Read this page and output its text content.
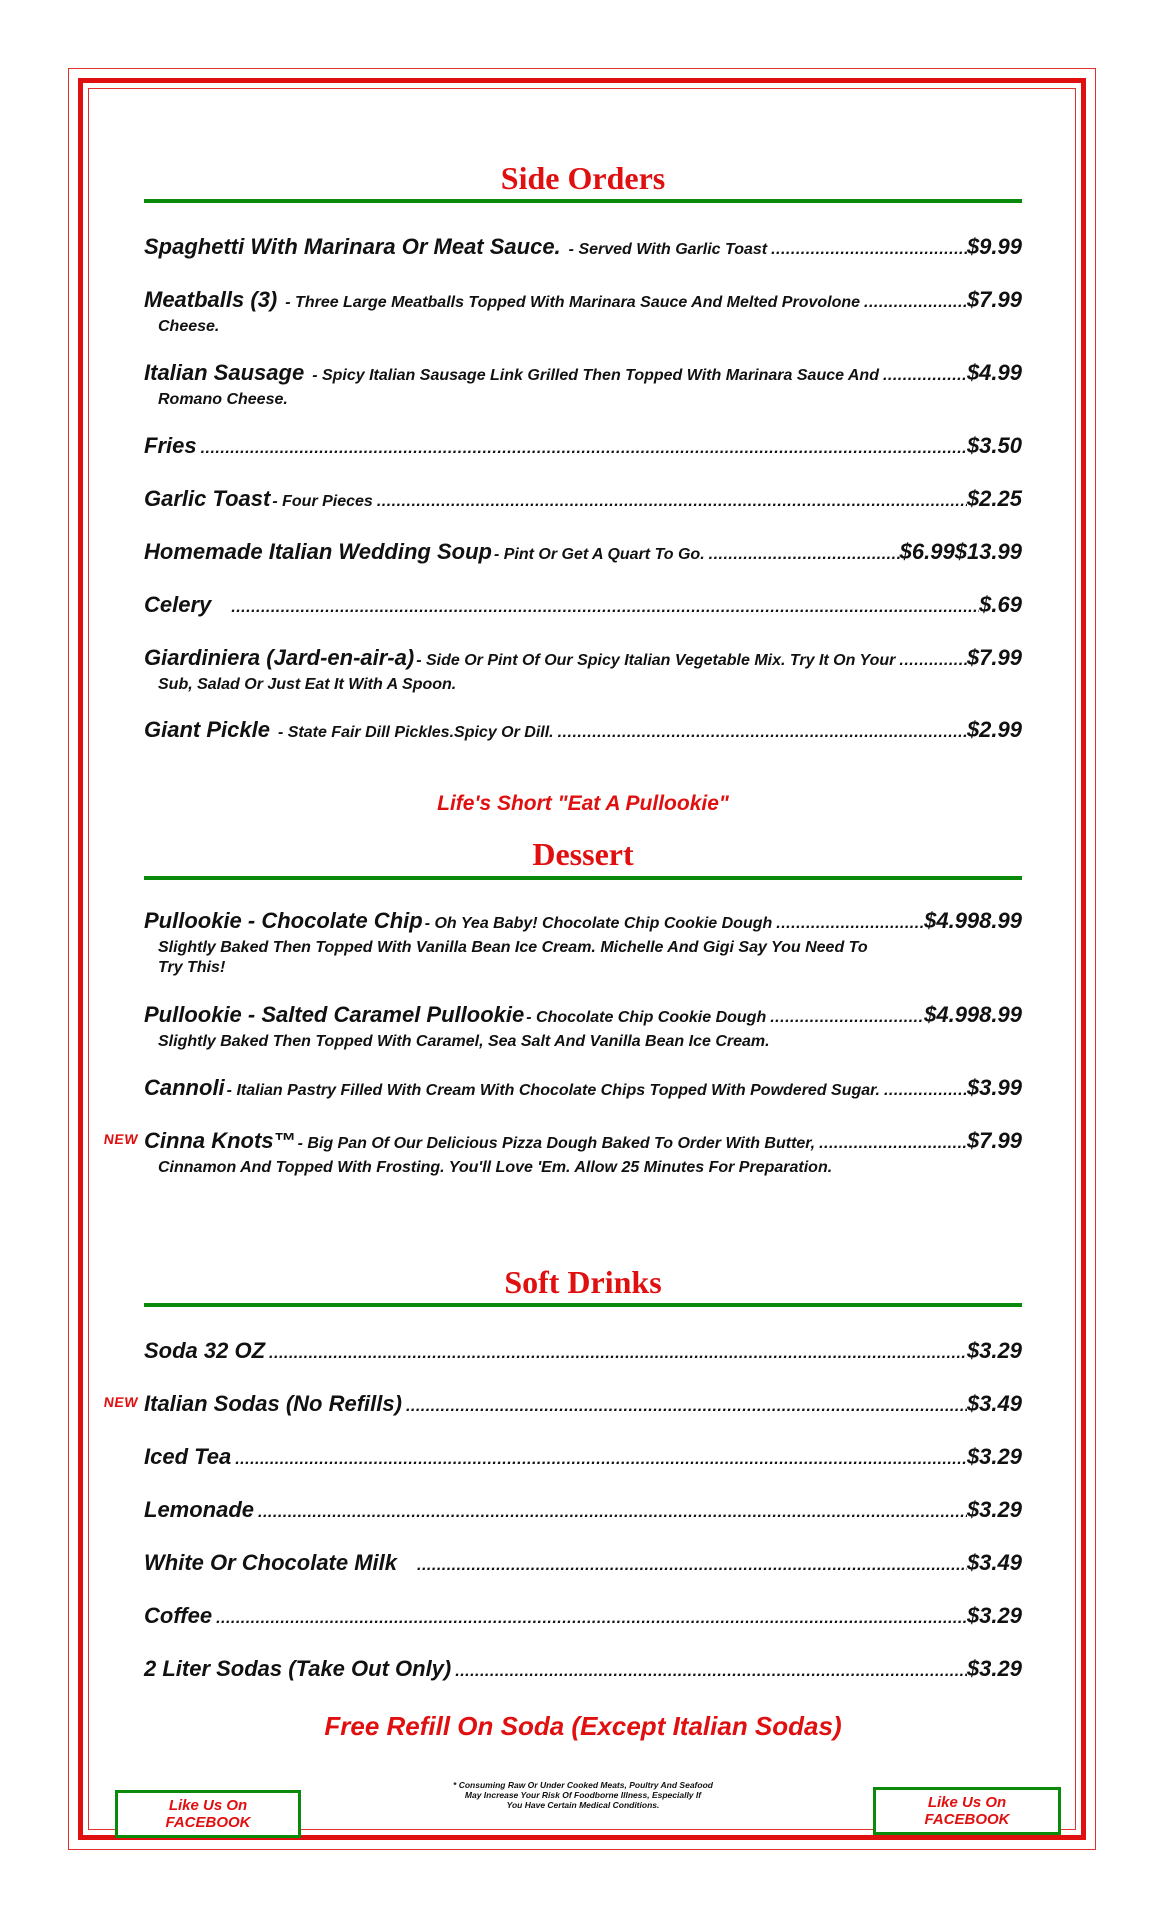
Side Orders
Spaghetti With Marinara Or Meat Sauce. - Served With Garlic Toast .....	$9.99
Meatballs (3) - Three Large Meatballs Topped With Marinara Sauce And Melted Provolone .....	$7.99
Cheese.
Italian Sausage - Spicy Italian Sausage Link Grilled Then Topped With Marinara Sauce And .....	$4.99
Romano Cheese.
Fries .....	$3.50
Garlic Toast - Four Pieces .....	$2.25
Homemade Italian Wedding Soup - Pint Or Get A Quart To Go. .....	$6.99 $13.99
Celery .....	$.69
Giardiniera (Jard-en-air-a) - Side Or Pint Of Our Spicy Italian Vegetable Mix. Try It On Your .....	$7.99
Sub, Salad Or Just Eat It With A Spoon.
Giant Pickle - State Fair Dill Pickles.Spicy Or Dill. .....	$2.99
Life's Short "Eat A Pullookie"
Dessert
Pullookie - Chocolate Chip - Oh Yea Baby! Chocolate Chip Cookie Dough .....	$4.99 8.99
Slightly Baked Then Topped With Vanilla Bean Ice Cream. Michelle And Gigi Say You Need To
Try This!
Pullookie - Salted Caramel Pullookie - Chocolate Chip Cookie Dough .....	$4.99 8.99
Slightly Baked Then Topped With Caramel, Sea Salt And Vanilla Bean Ice Cream.
Cannoli - Italian Pastry Filled With Cream With Chocolate Chips Topped With Powdered Sugar. .....	$3.99
NEW Cinna Knots™ - Big Pan Of Our Delicious Pizza Dough Baked To Order With Butter, .....	$7.99
Cinnamon And Topped With Frosting. You'll Love 'Em. Allow 25 Minutes For Preparation.
Soft Drinks
Soda 32 OZ .....	$3.29
NEW Italian Sodas (No Refills) .....	$3.49
Iced Tea .....	$3.29
Lemonade .....	$3.29
White Or Chocolate Milk .....	$3.49
Coffee .....	$3.29
2 Liter Sodas (Take Out Only) .....	$3.29
Free Refill On Soda (Except Italian Sodas)
Like Us On FACEBOOK
Like Us On FACEBOOK
* Consuming Raw Or Under Cooked Meats, Poultry And Seafood
May Increase Your Risk Of Foodborne Illness, Especially If
You Have Certain Medical Conditions.
